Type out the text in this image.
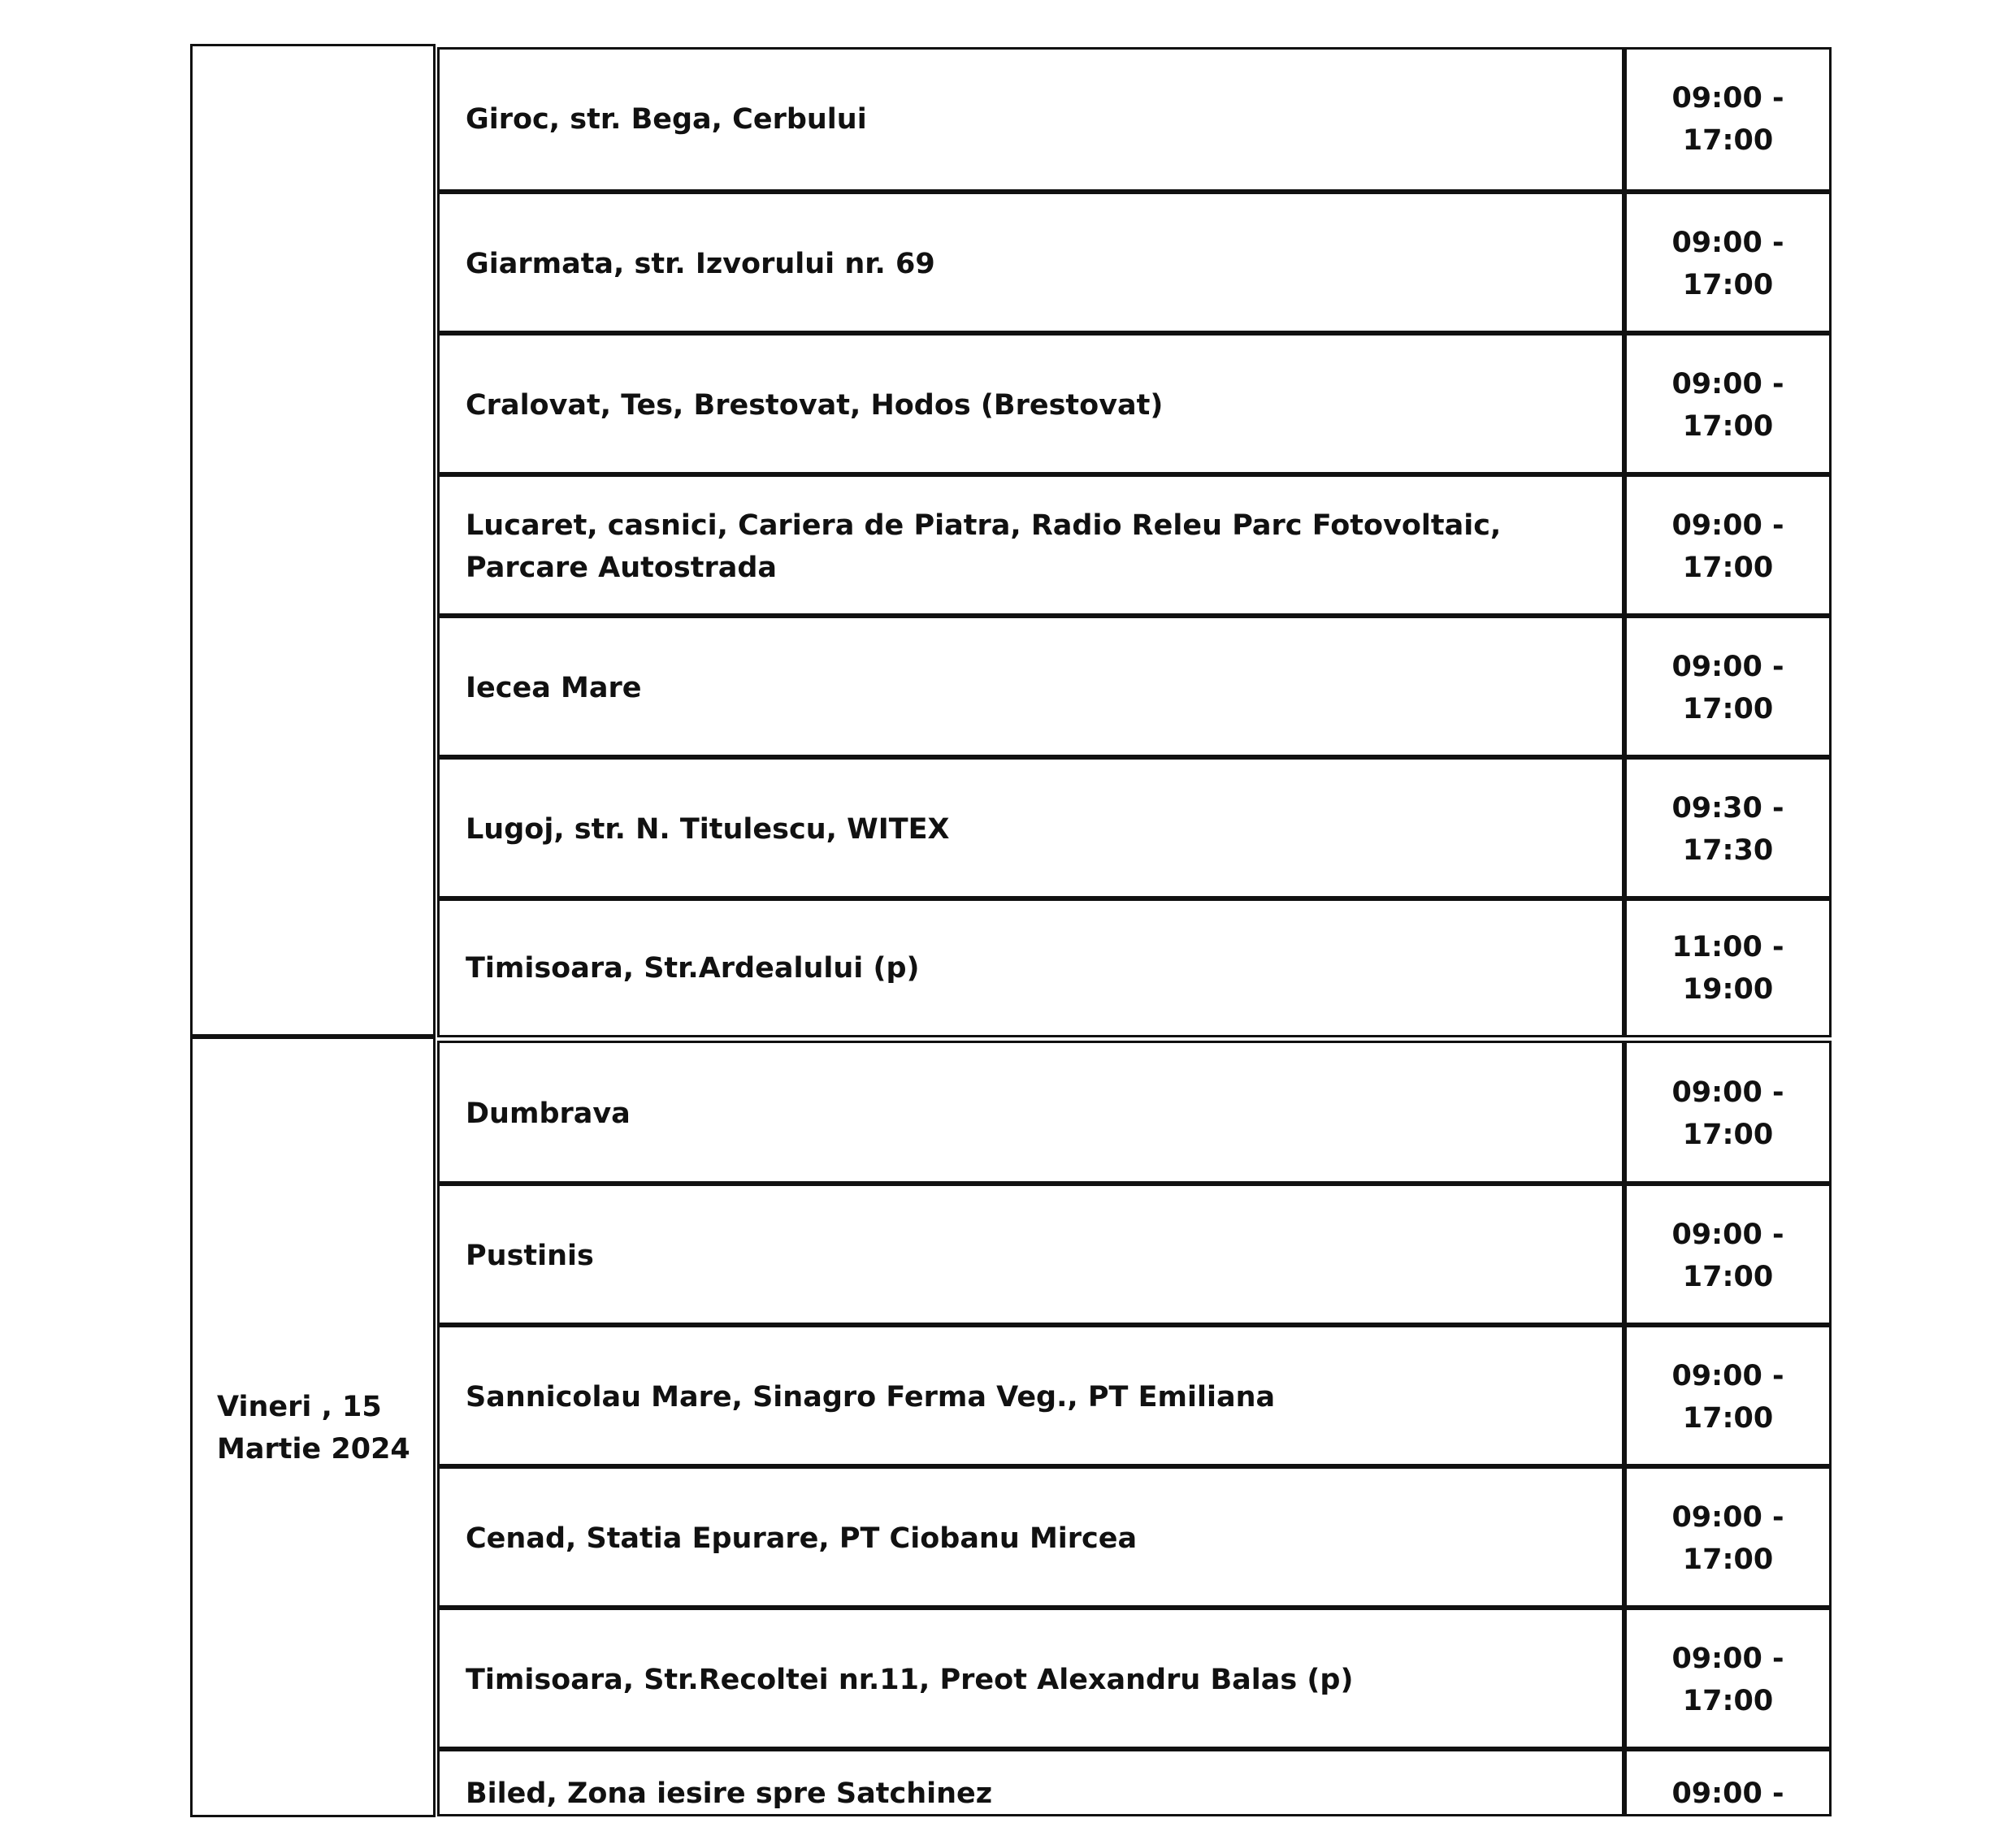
Giroc, str. Bega, Cerbului
09:00 -
17:00
Giarmata, str. Izvorului nr. 69
09:00 -
17:00
Cralovat, Tes, Brestovat, Hodos (Brestovat)
09:00 -
17:00
Lucaret, casnici, Cariera de Piatra, Radio Releu Parc Fotovoltaic, Parcare Autostrada
09:00 -
17:00
Iecea Mare
09:00 -
17:00
Lugoj, str. N. Titulescu, WITEX
09:30 -
17:30
Timisoara, Str.Ardealului (p)
11:00 -
19:00
Vineri , 15
Martie 2024
Dumbrava
09:00 -
17:00
Pustinis
09:00 -
17:00
Sannicolau Mare, Sinagro Ferma Veg., PT Emiliana
09:00 -
17:00
Cenad, Statia Epurare, PT Ciobanu Mircea
09:00 -
17:00
Timisoara, Str.Recoltei nr.11, Preot Alexandru Balas (p)
09:00 -
17:00
Biled, Zona iesire spre Satchinez	09:00 -
